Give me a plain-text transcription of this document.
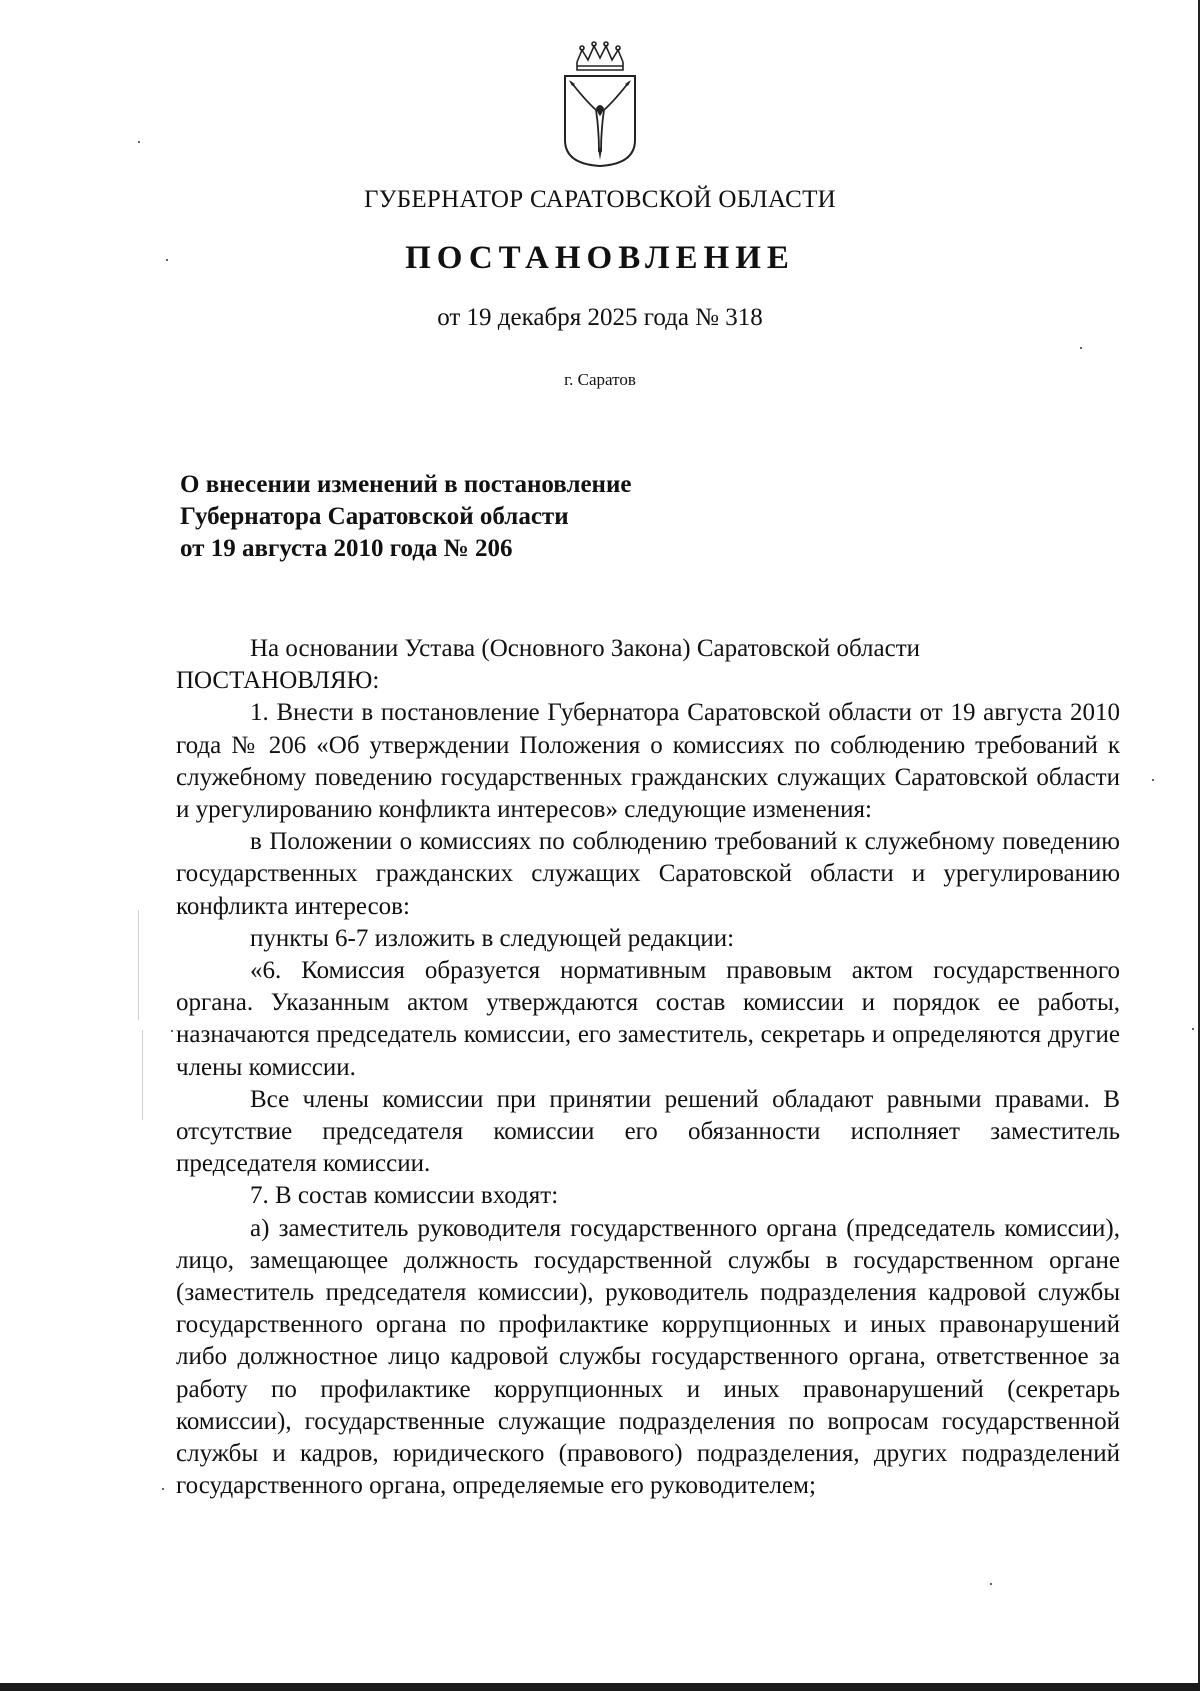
ГУБЕРНАТОР САРАТОВСКОЙ ОБЛАСТИ
ПОСТАНОВЛЕНИЕ
от 19 декабря 2025 года № 318
г. Саратов
О внесении изменений в постановление
Губернатора Саратовской области
от 19 августа 2010 года № 206

На основании Устава (Основного Закона) Саратовской области

ПОСТАНОВЛЯЮ:

1. Внести в постановление Губернатора Саратовской области от 19 августа 2010 года № 206 «Об утверждении Положения о комиссиях по соблюдению требований к служебному поведению государственных гражданских служащих Саратовской области и урегулированию конфликта интересов» следующие изменения:

в Положении о комиссиях по соблюдению требований к служебному поведению государственных гражданских служащих Саратовской области и урегулированию конфликта интересов:

пункты 6-7 изложить в следующей редакции:

«6. Комиссия образуется нормативным правовым актом государственного органа. Указанным актом утверждаются состав комиссии и порядок ее работы, назначаются председатель комиссии, его заместитель, секретарь и определяются другие члены комиссии.

Все члены комиссии при принятии решений обладают равными правами. В отсутствие председателя комиссии его обязанности исполняет заместитель председателя комиссии.

7. В состав комиссии входят:

а) заместитель руководителя государственного органа (председатель комиссии), лицо, замещающее должность государственной службы в государственном органе (заместитель председателя комиссии), руководитель подразделения кадровой службы государственного органа по профилактике коррупционных и иных правонарушений либо должностное лицо кадровой службы государственного органа, ответственное за работу по профилактике коррупционных и иных правонарушений (секретарь комиссии), государственные служащие подразделения по вопросам государственной службы и кадров, юридического (правового) подразделения, других подразделений государственного органа, определяемые его руководителем;
